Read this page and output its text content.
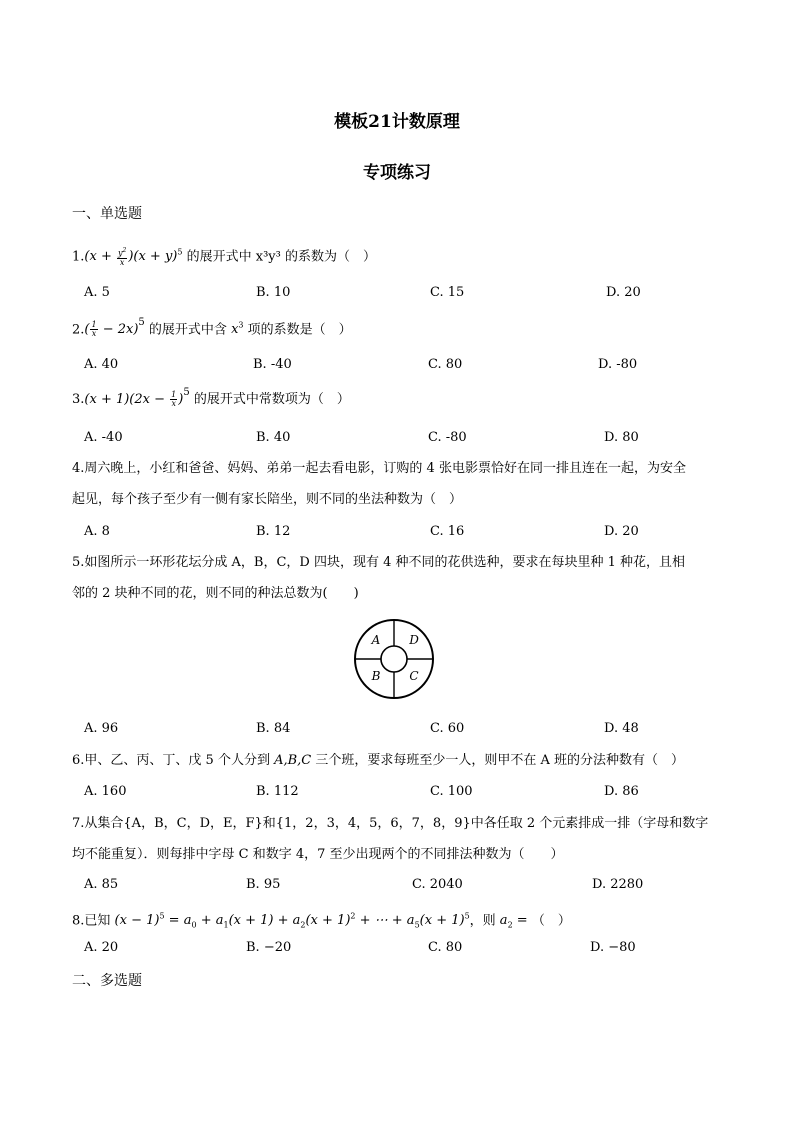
模板21计数原理
专项练习
一、单选题
$1.(x + \frac{y^2}{x} )(x + y)^5$ 的展开式中 x³y³ 的系数为（　）
A. 5	B. 10	C. 15	D. 20
$2.( \frac{1}{x} - 2x)^5$ 的展开式中含 $x^3$ 项的系数是（　）
A. 40	B. -40	C. 80	D. -80
$3.(x + 1)(2x - \frac{1}{x} )^5$ 的展开式中常数项为（　）
A. -40	B. 40	C. -80	D. 80
4.周六晚上，小红和爸爸、妈妈、弟弟一起去看电影，订购的 4 张电影票恰好在同一排且连在一起，为安全
起见，每个孩子至少有一侧有家长陪坐，则不同的坐法种数为（　）
A. 8	B. 12	C. 16	D. 20
5.如图所示一环形花坛分成 A，B，C，D 四块，现有 4 种不同的花供选种，要求在每块里种 1 种花，且相
邻的 2 块种不同的花，则不同的种法总数为(　　)
A D
B C
A. 96	B. 84	C. 60	D. 48
6.甲、乙、丙、丁、戊 5 个人分到 A,B,C 三个班，要求每班至少一人，则甲不在 A 班的分法种数有（　）
A. 160	B. 112	C. 100	D. 86
7.从集合{A，B，C，D，E，F}和{1，2，3，4，5，6，7，8，9}中各任取 2 个元素排成一排（字母和数字
均不能重复）．则每排中字母 C 和数字 4，7 至少出现两个的不同排法种数为（　　）
A. 85	B. 95	C. 2040	D. 2280
8.已知 $(x - 1)^5 = a_0 + a_1(x + 1) + a_2(x + 1)^2$ + ⋯ + $a_5(x + 1)^5$，则 $a_2$ = （　）
A. 20	B. −20	C. 80	D. −80
二、多选题
